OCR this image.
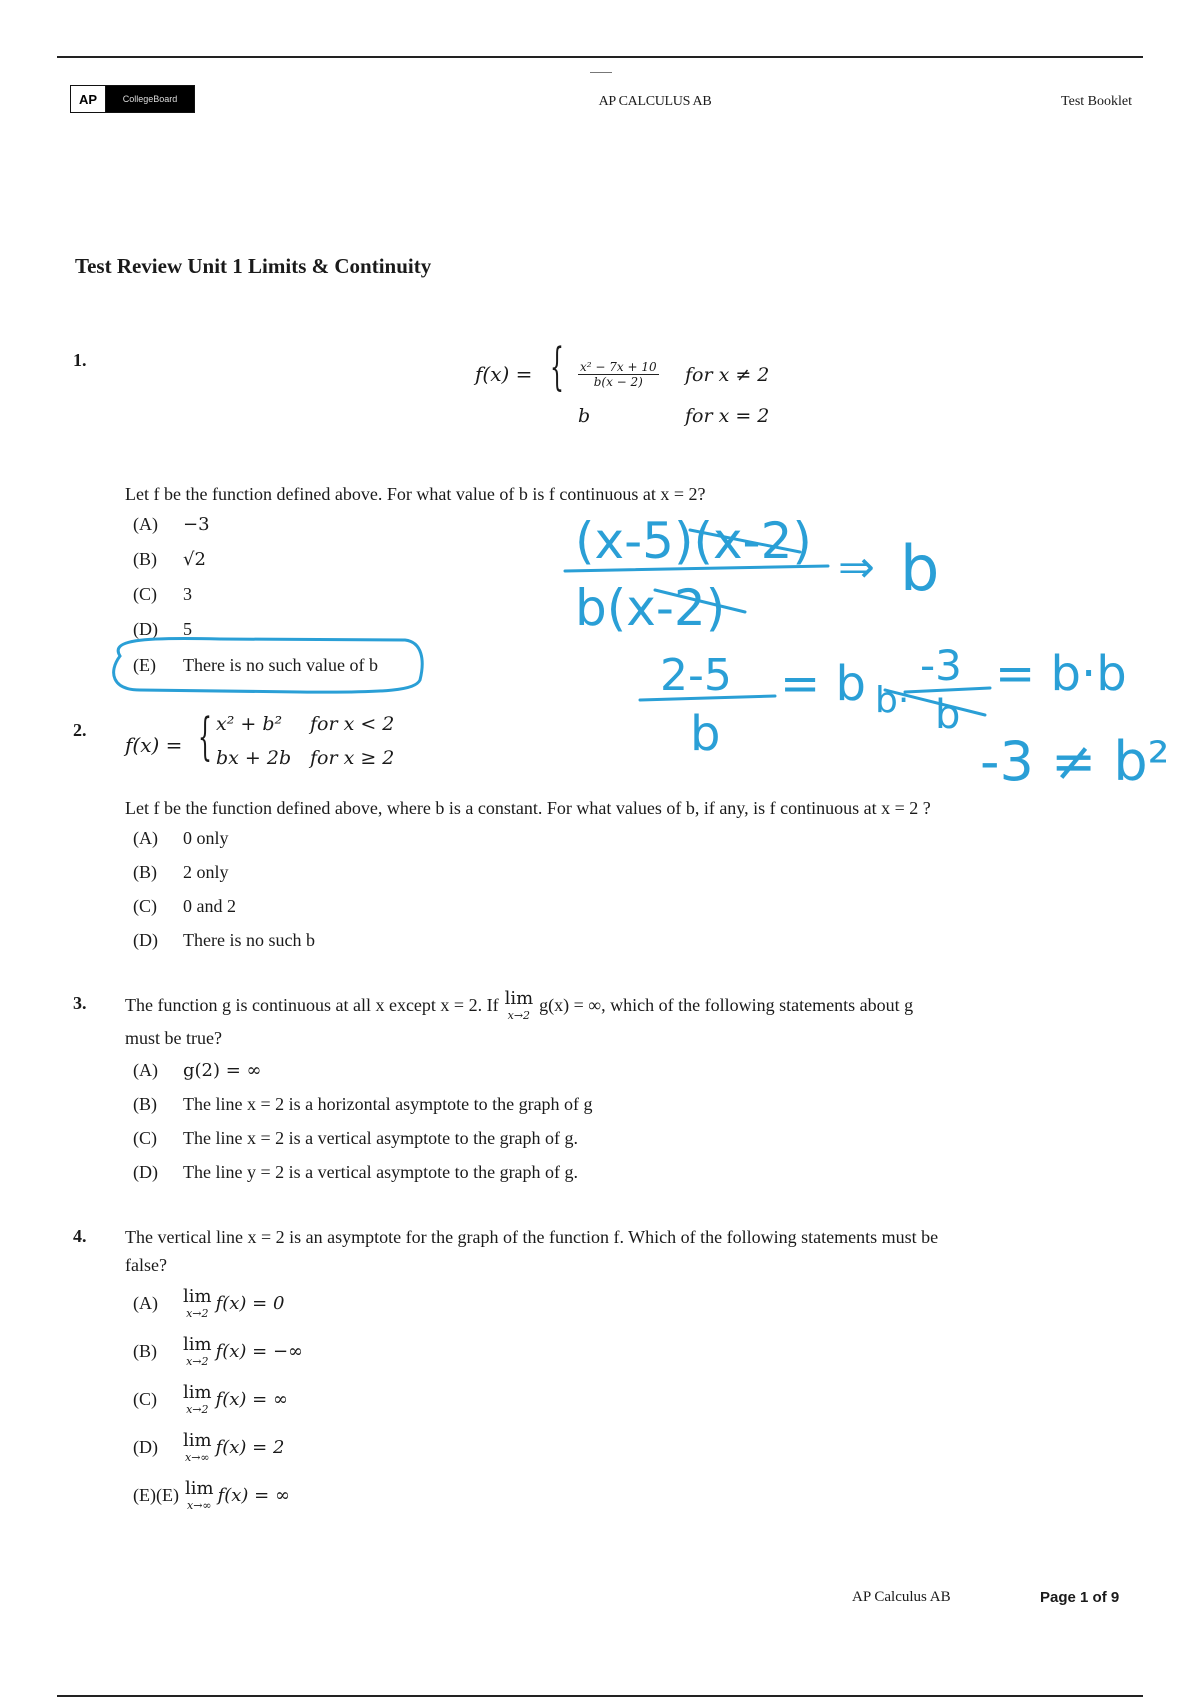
AP	CollegeBoard	AP CALCULUS AB	Test Booklet
Test Review Unit 1 Limits & Continuity
1.
f(x) = { $\frac{\text{x² − 7x + 10}}{b(x - 2)}$ for x ≠ 2
b	for x = 2
Let f be the function defined above. For what value of b is f continuous at x = 2?
(A)	−3
(B)	√2
(C)	3
(D)	5
(E)	There is no such value of b
2.
f(x) = { x² + b² for x < 2
bx + 2b for x ≥ 2
Let f be the function defined above, where b is a constant. For what values of b, if any, is f continuous at x = 2 ?
(A)	0 only
(B)	2 only
(C)	0 and 2
(D)	There is no such b
3. The function g is continuous at all x except x = 2. If lim
x→2 g(x) = ∞, which of the following statements about g
must be true?
(A)	g(2) = ∞
(B)	The line x = 2 is a horizontal asymptote to the graph of g
(C)	The line x = 2 is a vertical asymptote to the graph of g.
(D)	The line y = 2 is a vertical asymptote to the graph of g.
4. The vertical line x = 2 is an asymptote for the graph of the function f. Which of the following statements must be
false?
(A)	lim
x→2 f(x) = 0
(B)	lim
x→2 f(x) = −∞
(C)	lim
x→2 f(x) = ∞
(D)	lim
x→∞ f(x) = 2
(E)(E) lim
x→∞ f(x) = ∞
(x-5)(x-2) ⇒ b
b(x-2)
2-5
b
= b b·
-3
b
= b·b
-3 ≠ b²
AP Calculus AB	Page 1 of 9
